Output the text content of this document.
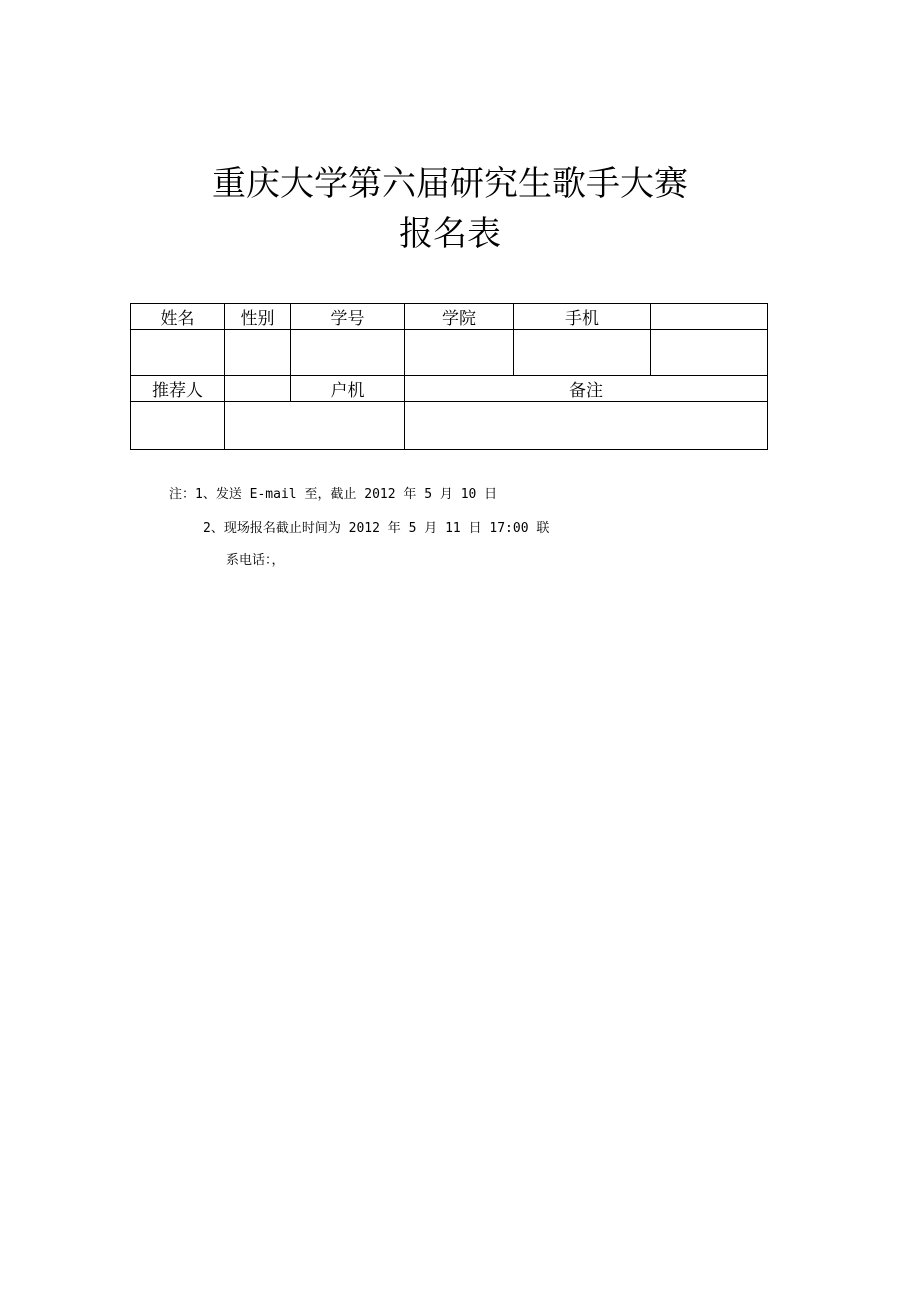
重庆大学第六届研究生歌手大赛
报名表
姓名	性别	学号	学院	手机	

推荐人		户机	备注		

注：1、发送 E-mail 至，截止 2012 年 5 月 10 日
2、现场报名截止时间为 2012 年 5 月 11 日 17:00 联
系电话：，
